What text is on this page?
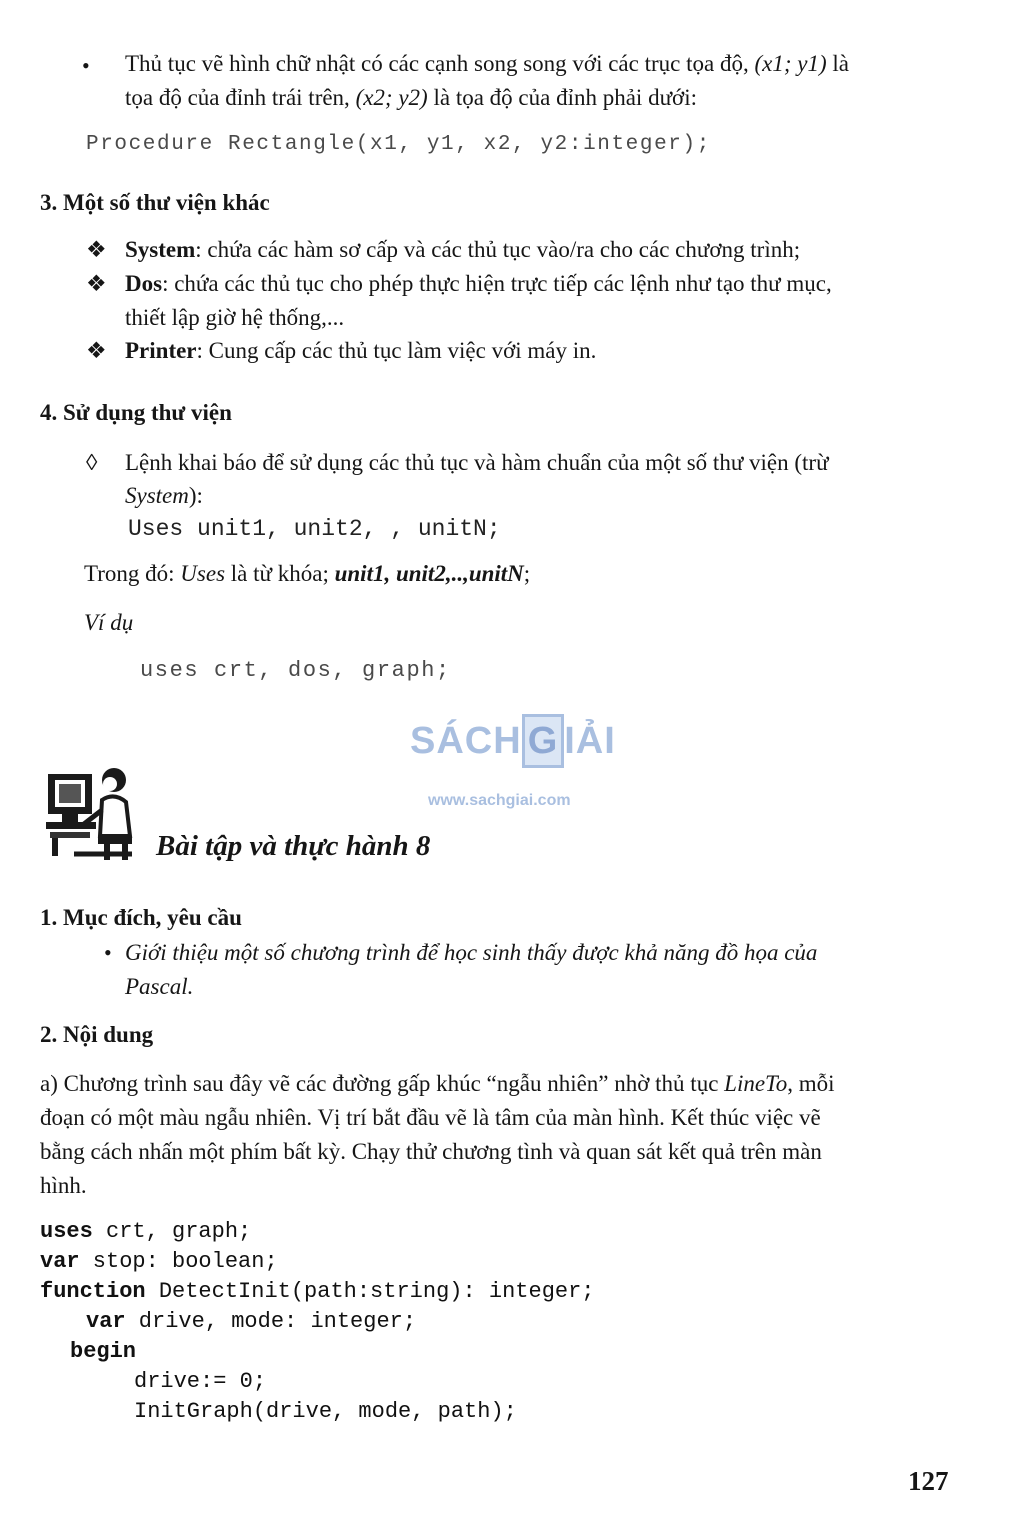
• Thủ tục vẽ hình chữ nhật có các cạnh song song với các trục tọa độ, (x1; y1) là
tọa độ của đỉnh trái trên, (x2; y2) là tọa độ của đỉnh phải dưới:
Procedure Rectangle(x1, y1, x2, y2:integer);
3. Một số thư viện khác
❖ System: chứa các hàm sơ cấp và các thủ tục vào/ra cho các chương trình;
❖ Dos: chứa các thủ tục cho phép thực hiện trực tiếp các lệnh như tạo thư mục,
thiết lập giờ hệ thống,...
❖ Printer: Cung cấp các thủ tục làm việc với máy in.
4. Sử dụng thư viện
◊ Lệnh khai báo để sử dụng các thủ tục và hàm chuẩn của một số thư viện (trừ
System):
Uses unit1, unit2, , unitN;
Trong đó: Uses là từ khóa; unit1, unit2,..,unitN;
Ví dụ
uses crt, dos, graph;
SÁCH G IẢI
www.sachgiai.com
Bài tập và thực hành 8
1. Mục đích, yêu cầu
• Giới thiệu một số chương trình để học sinh thấy được khả năng đồ họa của
Pascal.
2. Nội dung
a) Chương trình sau đây vẽ các đường gấp khúc “ngẫu nhiên” nhờ thủ tục LineTo, mỗi
đoạn có một màu ngẫu nhiên. Vị trí bắt đầu vẽ là tâm của màn hình. Kết thúc việc vẽ
bằng cách nhấn một phím bất kỳ. Chạy thử chương tình và quan sát kết quả trên màn
hình.
uses crt, graph;
var stop: boolean;
function DetectInit(path:string): integer;
var drive, mode: integer;
begin
drive:= 0;
InitGraph(drive, mode, path);
127
